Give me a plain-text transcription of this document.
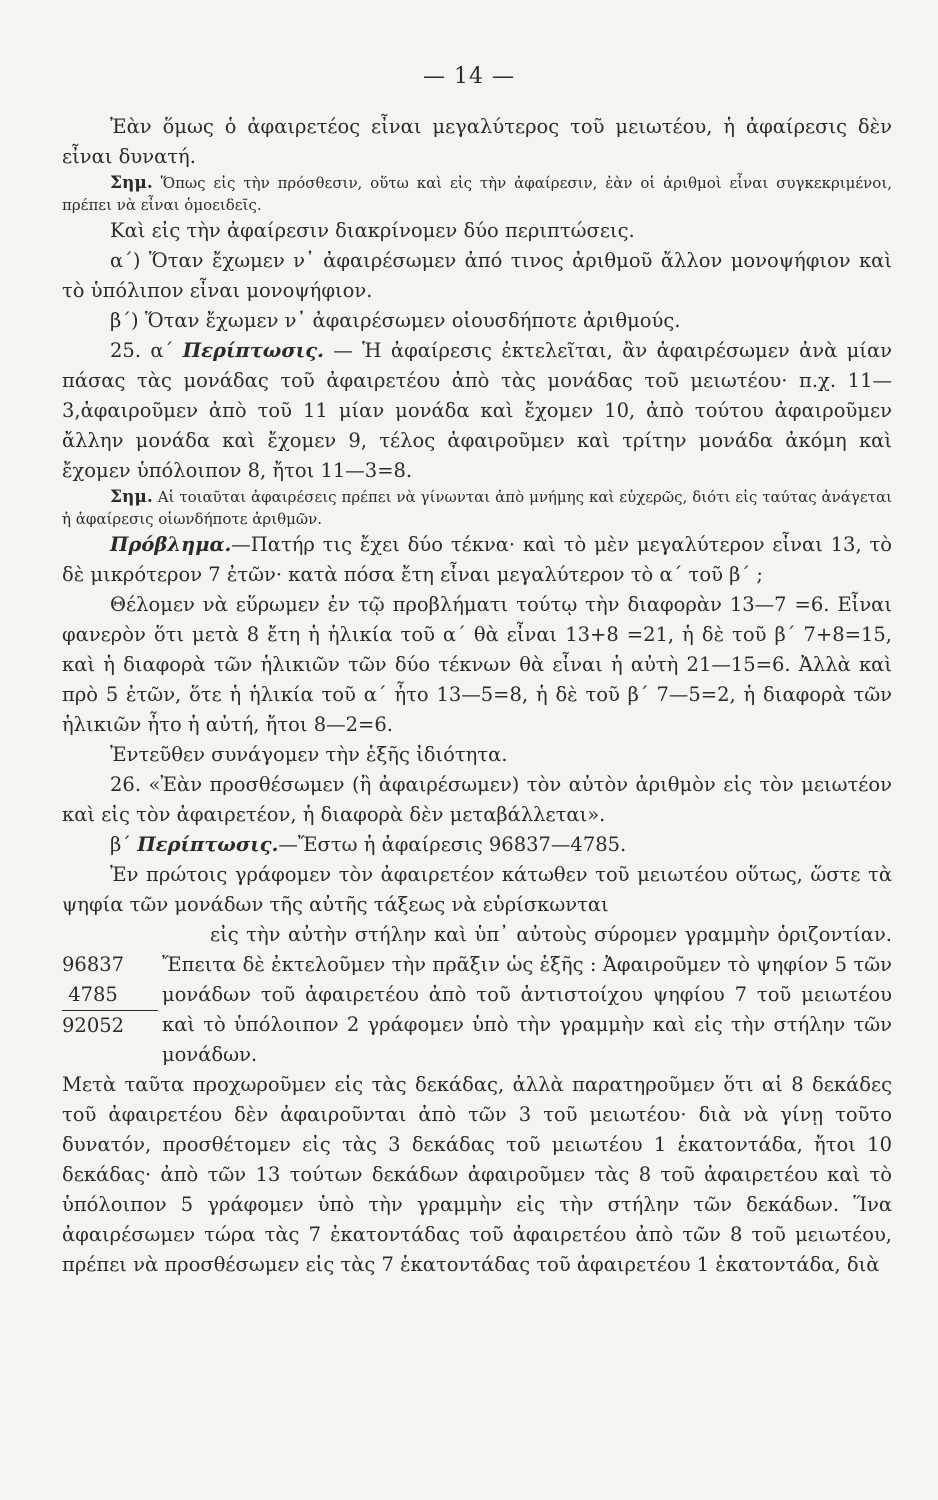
— 14 —

Ἐὰν ὅμως ὁ ἀφαιρετέος εἶναι μεγαλύτερος τοῦ μειωτέου, ἡ ἀφαίρεσις δὲν εἶναι δυνατή.

Σημ. Ὅπως εἰς τὴν πρόσθεσιν, οὕτω καὶ εἰς τὴν ἀφαίρεσιν, ἐὰν οἱ ἀριθμοὶ εἶναι συγκεκριμένοι, πρέπει νὰ εἶναι ὁμοειδεῖς.

Καὶ εἰς τὴν ἀφαίρεσιν διακρίνομεν δύο περιπτώσεις.

α΄) Ὅταν ἔχωμεν ν᾽ ἀφαιρέσωμεν ἀπό τινος ἀριθμοῦ ἄλλον μονοψήφιον καὶ τὸ ὑπόλιπον εἶναι μονοψήφιον.

β΄) Ὅταν ἔχωμεν ν᾽ ἀφαιρέσωμεν οἱουσδήποτε ἀριθμούς.

25. α΄ Περίπτωσις. — Ἡ ἀφαίρεσις ἐκτελεῖται, ἂν ἀφαιρέσωμεν ἀνὰ μίαν πάσας τὰς μονάδας τοῦ ἀφαιρετέου ἀπὸ τὰς μονάδας τοῦ μειωτέου· π.χ. 11—3,ἀφαιροῦμεν ἀπὸ τοῦ 11 μίαν μονάδα καὶ ἔχομεν 10, ἀπὸ τούτου ἀφαιροῦμεν ἄλλην μονάδα καὶ ἔχομεν 9, τέλος ἀφαιροῦμεν καὶ τρίτην μονάδα ἀκόμη καὶ ἔχομεν ὑπόλοιπον 8, ἤτοι 11—3=8.

Σημ. Αἱ τοιαῦται ἀφαιρέσεις πρέπει νὰ γίνωνται ἀπὸ μνήμης καὶ εὐχερῶς, διότι εἰς ταύτας ἀνάγεται ἡ ἀφαίρεσις οἱωνδήποτε ἀριθμῶν.

Πρόβλημα.—Πατήρ τις ἔχει δύο τέκνα· καὶ τὸ μὲν μεγαλύτερον εἶναι 13, τὸ δὲ μικρότερον 7 ἐτῶν· κατὰ πόσα ἔτη εἶναι μεγαλύτερον τὸ α΄ τοῦ β΄ ;

Θέλομεν νὰ εὕρωμεν ἐν τῷ προβλήματι τούτῳ τὴν διαφορὰν 13—7 =6. Εἶναι φανερὸν ὅτι μετὰ 8 ἔτη ἡ ἡλικία τοῦ α΄ θὰ εἶναι 13+8 =21, ἡ δὲ τοῦ β΄ 7+8=15, καὶ ἡ διαφορὰ τῶν ἡλικιῶν τῶν δύο τέκνων θὰ εἶναι ἡ αὐτὴ 21—15=6. Ἀλλὰ καὶ πρὸ 5 ἐτῶν, ὅτε ἡ ἡλικία τοῦ α΄ ἦτο 13—5=8, ἡ δὲ τοῦ β΄ 7—5=2, ἡ διαφορὰ τῶν ἡλικιῶν ἦτο ἡ αὐτή, ἤτοι 8—2=6.

Ἐντεῦθεν συνάγομεν τὴν ἑξῆς ἰδιότητα.

26. «Ἐὰν προσθέσωμεν (ἢ ἀφαιρέσωμεν) τὸν αὐτὸν ἀριθμὸν εἰς τὸν μειωτέον καὶ εἰς τὸν ἀφαιρετέον, ἡ διαφορὰ δὲν μεταβάλλεται».

β΄ Περίπτωσις.—Ἔστω ἡ ἀφαίρεσις 96837—4785.

Ἐν πρώτοις γράφομεν τὸν ἀφαιρετέον κάτωθεν τοῦ μειωτέου οὕτως, ὥστε τὰ ψηφία τῶν μονάδων τῆς αὐτῆς τάξεως νὰ εὑρίσκωνται

96837
4785
92052

εἰς τὴν αὐτὴν στήλην καὶ ὑπ᾽ αὐτοὺς σύρομεν γραμμὴν ὁριζοντίαν. Ἔπειτα δὲ ἐκτελοῦμεν τὴν πρᾶξιν ὡς ἑξῆς : Ἀφαιροῦμεν τὸ ψηφίον 5 τῶν μονάδων τοῦ ἀφαιρετέου ἀπὸ τοῦ ἀντιστοίχου ψηφίου 7 τοῦ μειωτέου καὶ τὸ ὑπόλοιπον 2 γράφομεν ὑπὸ τὴν γραμμὴν καὶ εἰς τὴν στήλην τῶν μονάδων.

Μετὰ ταῦτα προχωροῦμεν εἰς τὰς δεκάδας, ἀλλὰ παρατηροῦμεν ὅτι αἱ 8 δεκάδες τοῦ ἀφαιρετέου δὲν ἀφαιροῦνται ἀπὸ τῶν 3 τοῦ μειωτέου· διὰ νὰ γίνῃ τοῦτο δυνατόν, προσθέτομεν εἰς τὰς 3 δεκάδας τοῦ μειωτέου 1 ἑκατοντάδα, ἤτοι 10 δεκάδας· ἀπὸ τῶν 13 τούτων δεκάδων ἀφαιροῦμεν τὰς 8 τοῦ ἀφαιρετέου καὶ τὸ ὑπόλοιπον 5 γράφομεν ὑπὸ τὴν γραμμὴν εἰς τὴν στήλην τῶν δεκάδων. Ἵνα ἀφαιρέσωμεν τώρα τὰς 7 ἑκατοντάδας τοῦ ἀφαιρετέου ἀπὸ τῶν 8 τοῦ μειωτέου, πρέπει νὰ προσθέσωμεν εἰς τὰς 7 ἑκατοντάδας τοῦ ἀφαιρετέου 1 ἑκατοντάδα, διὰ
